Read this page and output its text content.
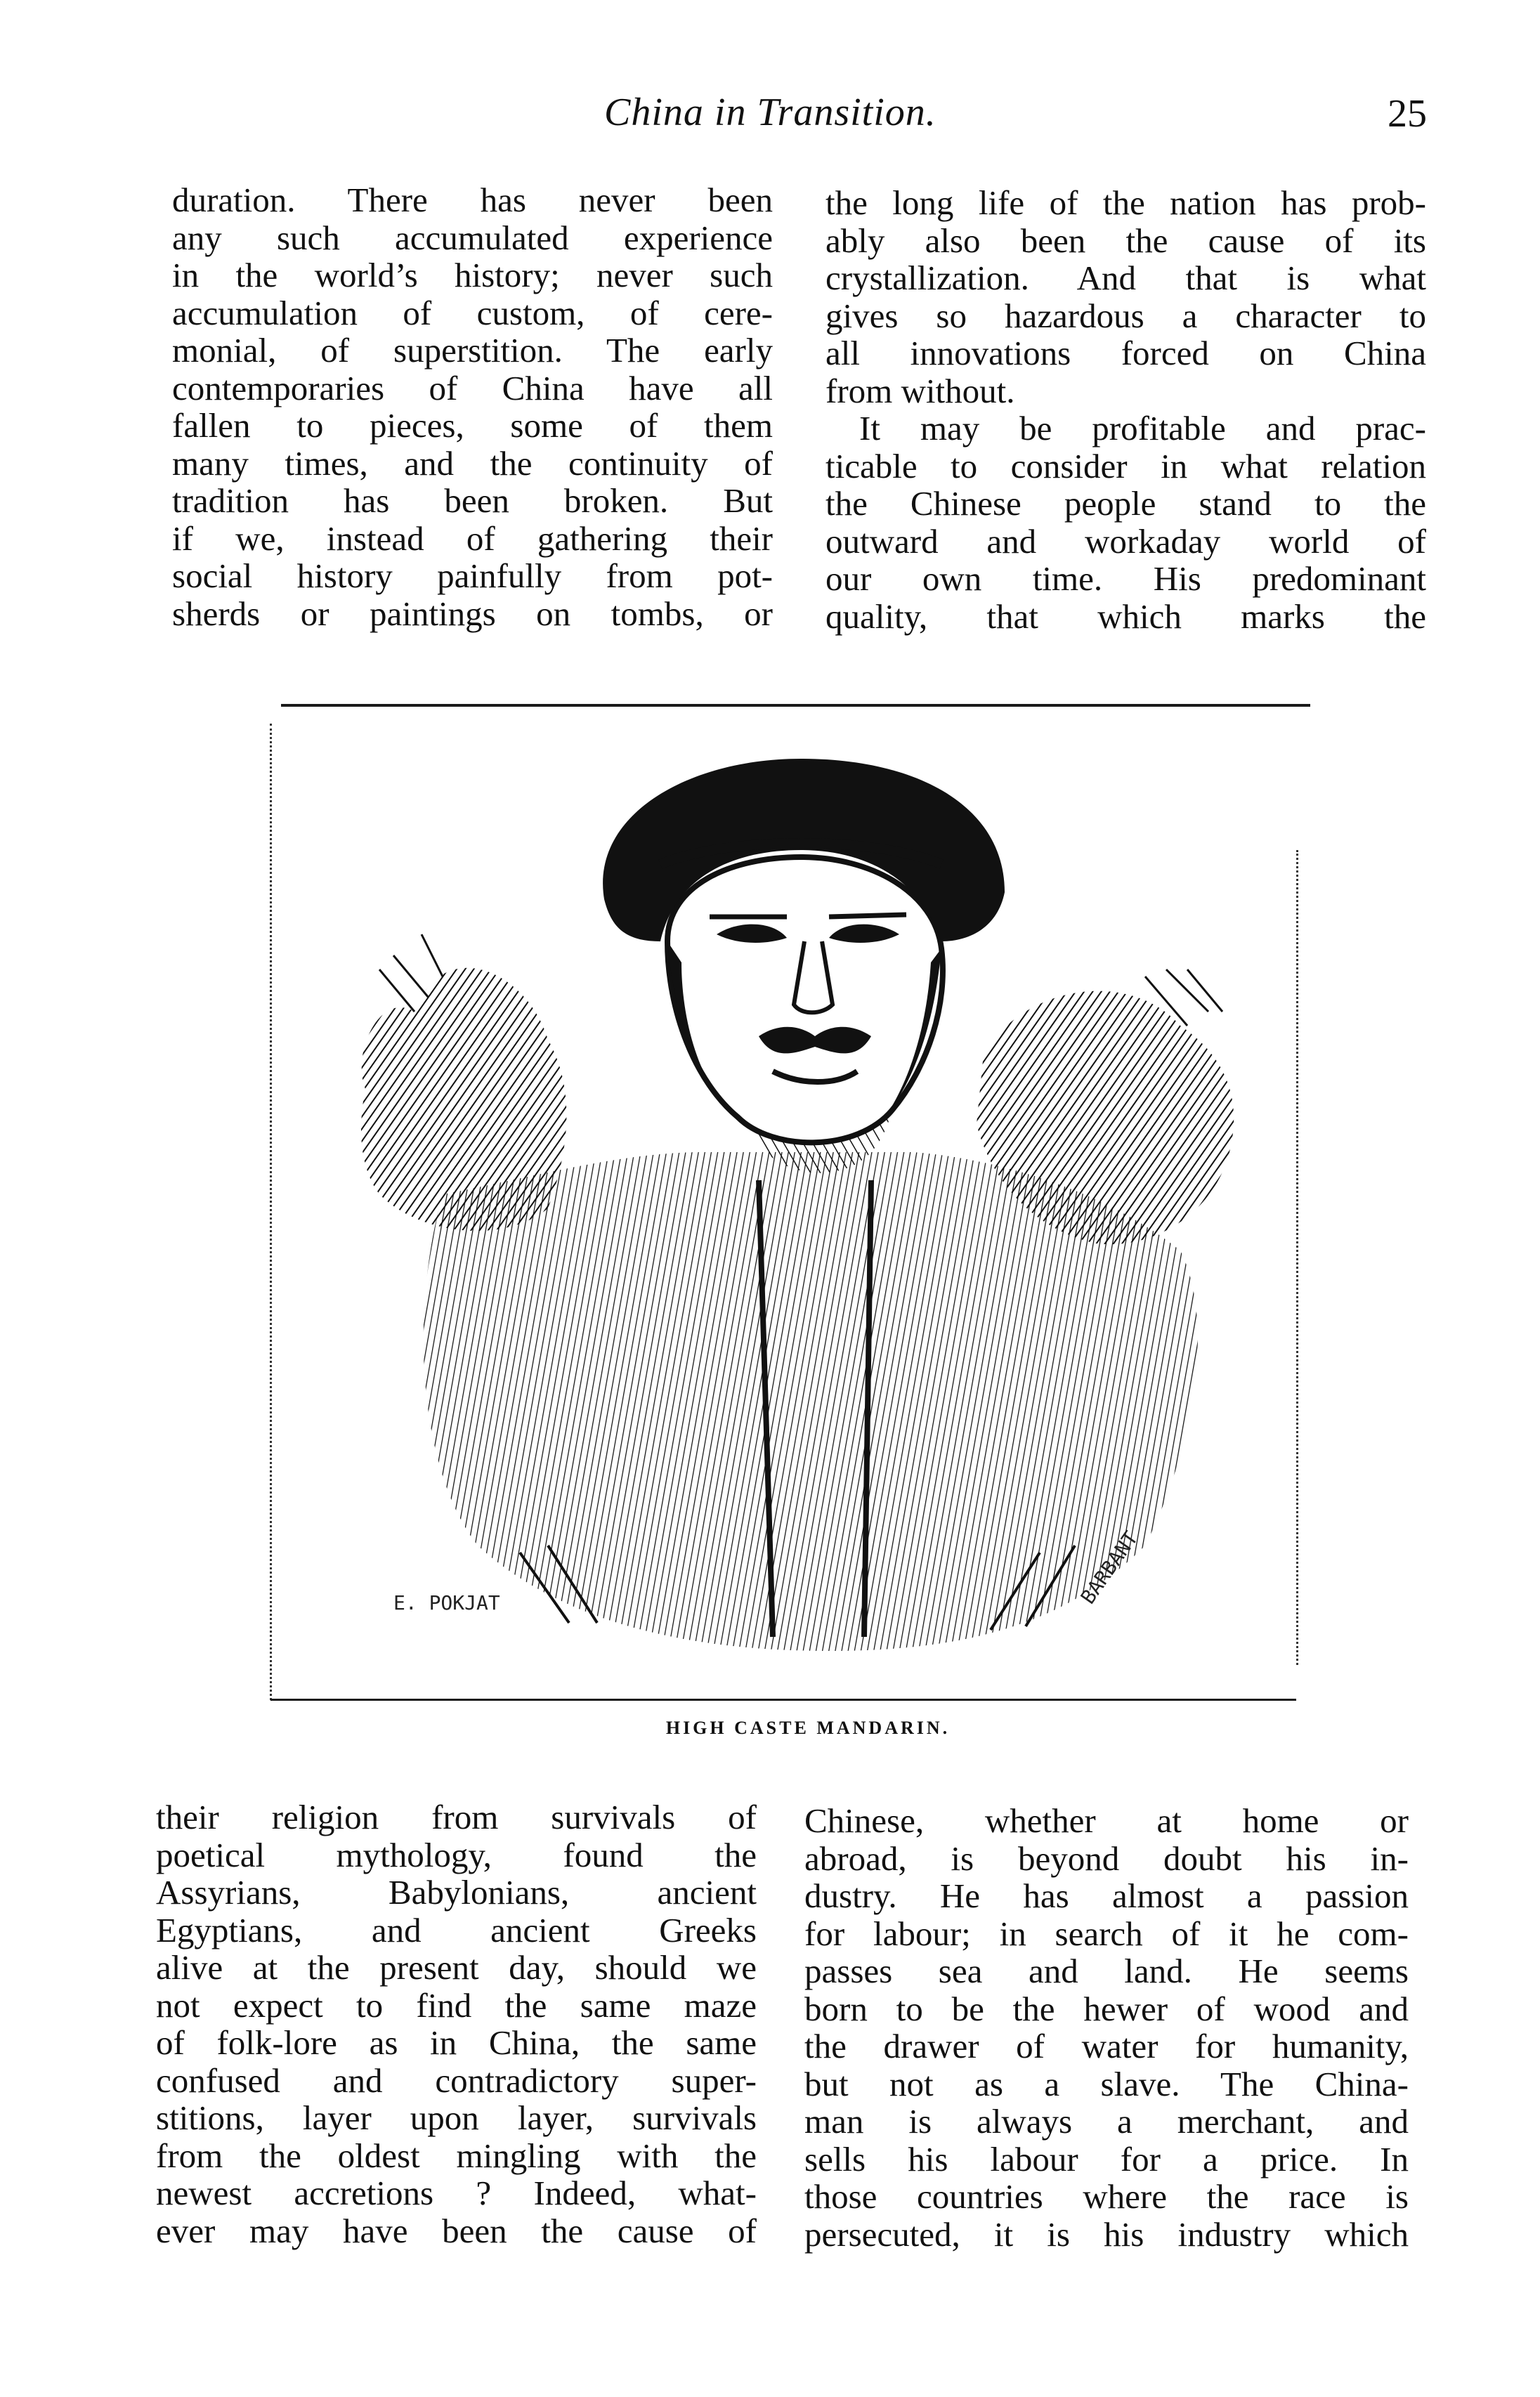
China in Transition.	25
duration. There has never been
any such accumulated experience
in the world’s history; never such
accumulation of custom, of cere-
monial, of superstition. The early
contemporaries of China have all
fallen to pieces, some of them
many times, and the continuity of
tradition has been broken. But
if we, instead of gathering their
social history painfully from pot-
sherds or paintings on tombs, or
the long life of the nation has prob-
ably also been the cause of its
crystallization. And that is what
gives so hazardous a character to
all innovations forced on China
from without.
It may be profitable and prac-
ticable to consider in what relation
the Chinese people stand to the
outward and workaday world of
our own time. His predominant
quality, that which marks the
E. POKJAT	BARBANT
HIGH CASTE MANDARIN.
their religion from survivals of
poetical mythology, found the
Assyrians, Babylonians, ancient
Egyptians, and ancient Greeks
alive at the present day, should we
not expect to find the same maze
of folk-lore as in China, the same
confused and contradictory super-
stitions, layer upon layer, survivals
from the oldest mingling with the
newest accretions ? Indeed, what-
ever may have been the cause of
Chinese, whether at home or
abroad, is beyond doubt his in-
dustry. He has almost a passion
for labour; in search of it he com-
passes sea and land. He seems
born to be the hewer of wood and
the drawer of water for humanity,
but not as a slave. The China-
man is always a merchant, and
sells his labour for a price. In
those countries where the race is
persecuted, it is his industry which
